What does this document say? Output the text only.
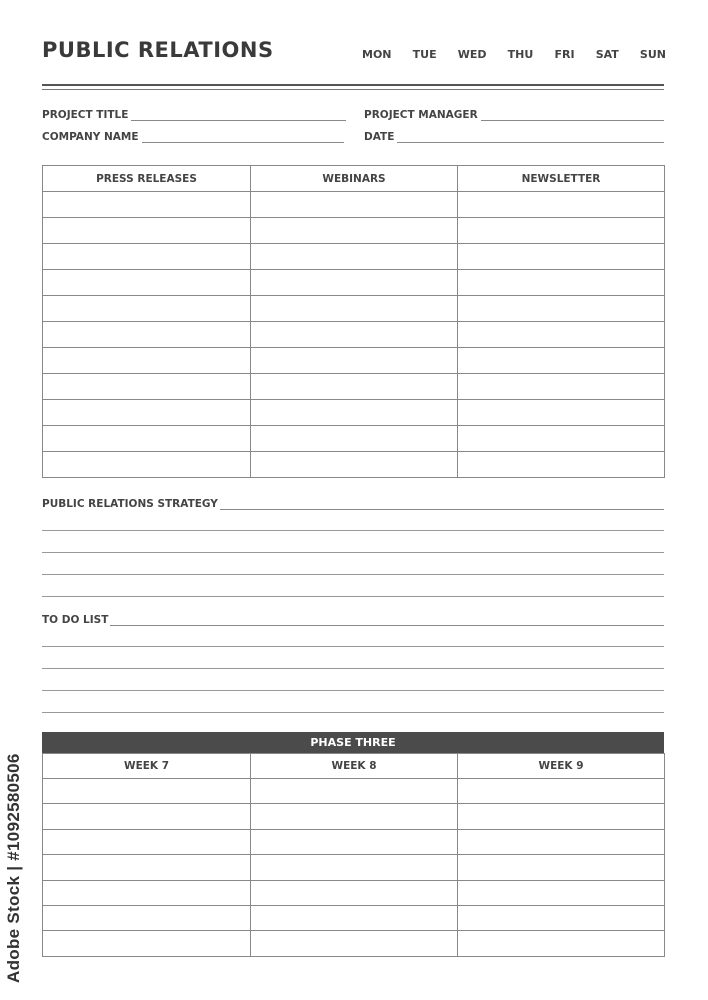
PUBLIC RELATIONS	MON TUE WED THU FRI SAT SUN
PROJECT TITLE
COMPANY NAME
PROJECT MANAGER
DATE
PRESS RELEASES	WEBINARS	NEWSLETTER

PUBLIC RELATIONS STRATEGY
TO DO LIST
PHASE THREE
WEEK 7	WEEK 8	WEEK 9

Adobe Stock | #1092580506
